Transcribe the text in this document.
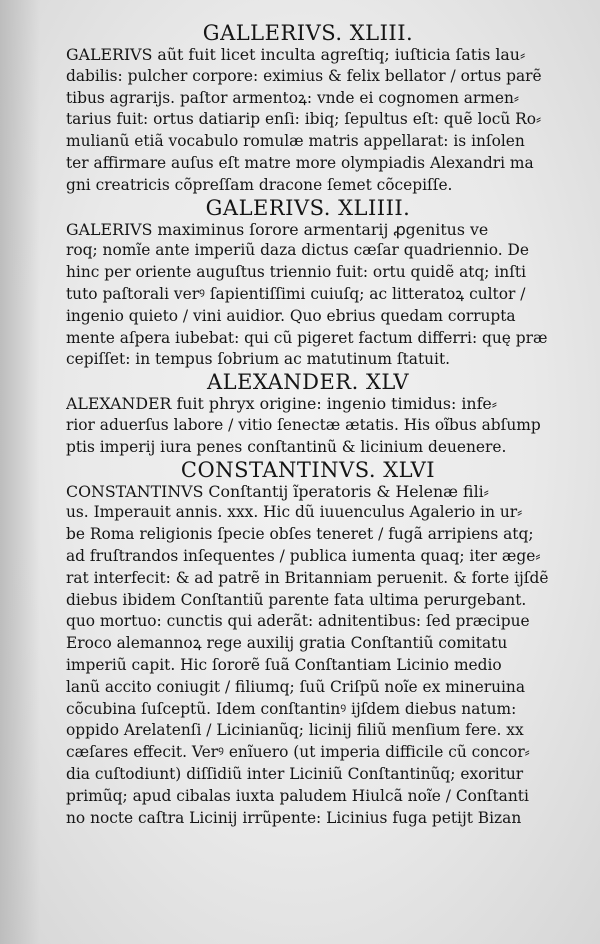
GALLERIVS. XLIII.
GALERIVS aũt fuit licet inculta agreſtiq; iuſticia ſatis lau⸗
dabilis: pulcher corpore: eximius & felix bellator / ortus parẽ
tibus agrarijs. paſtor armentoꝝ: vnde ei cognomen armen⸗
tarius fuit: ortus datiarip enſi: ibiq; ſepultus eſt: quẽ locũ Ro⸗
mulianũ etiã vocabulo romulæ matris appellarat: is inſolen
ter affirmare auſus eſt matre more olympiadis Alexandri ma
gni creatricis cõpreſſam dracone ſemet cõcepiſſe.
GALERIVS. XLIIII.
GALERIVS maximinus ſorore armentarij ꝓgenitus ve
roq; nomĩe ante imperiũ daza dictus cæſar quadriennio. De
hinc per oriente auguſtus triennio fuit: ortu quidẽ atq; inſti
tuto paſtorali verꝰ ſapientiſſimi cuiuſq; ac litteratoꝝ cultor /
ingenio quieto / vini auidior. Quo ebrius quedam corrupta
mente aſpera iubebat: qui cũ pigeret factum differri: quę præ
cepiſſet: in tempus ſobrium ac matutinum ſtatuit.
ALEXANDER. XLV
ALEXANDER fuit phryx origine: ingenio timidus: infe⸗
rior aduerſus labore / vitio ſenectæ ætatis. His oĩbus abſump
ptis imperij iura penes conſtantinũ & licinium deuenere.
CONSTANTINVS. XLVI
CONSTANTINVS Conſtantij ĩperatoris & Helenæ fili⸗
us. Imperauit annis. xxx. Hic dũ iuuenculus Agalerio in ur⸗
be Roma religionis ſpecie obſes teneret / fugã arripiens atq;
ad fruſtrandos inſequentes / publica iumenta quaq; iter æge⸗
rat interfecit: & ad patrẽ in Britanniam peruenit. & forte ijſdẽ
diebus ibidem Conſtantiũ parente fata ultima perurgebant.
quo mortuo: cunctis qui aderãt: adnitentibus: ſed præcipue
Eroco alemannoꝝ rege auxilij gratia Conſtantiũ comitatu
imperiũ capit. Hic ſororẽ ſuã Conſtantiam Licinio medio
lanũ accito coniugit / filiumq; ſuũ Criſpũ noĩe ex mineruina
cõcubina ſuſceptũ. Idem conſtantinꝰ ijſdem diebus natum:
oppido Arelatenſi / Licinianũq; licinij filiũ menſium fere. xx
cæſares effecit. Verꝰ enĩuero (ut imperia difficile cũ concor⸗
dia cuſtodiunt) diſſidiũ inter Liciniũ Conſtantinũq; exoritur
primũq; apud cibalas iuxta paludem Hiulcã noĩe / Conſtanti
no nocte caſtra Licinij irrũpente: Licinius fuga petijt Bizan
